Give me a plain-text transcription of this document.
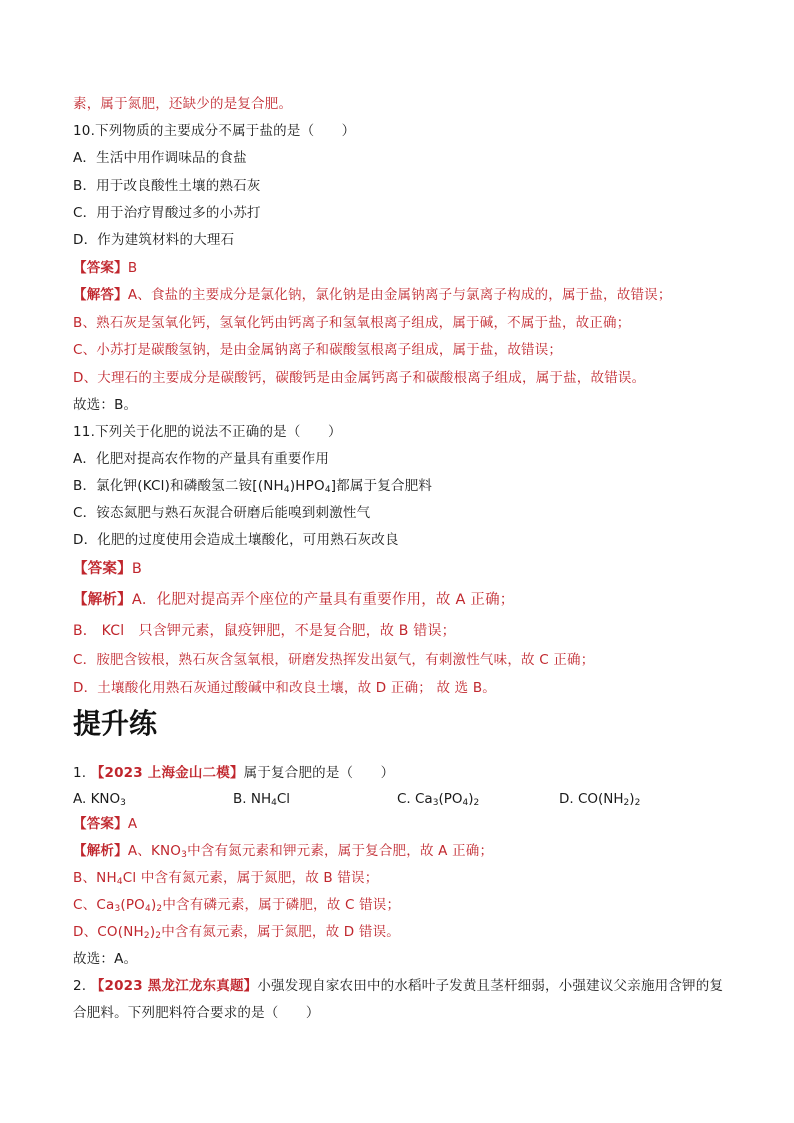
素，属于氮肥，还缺少的是复合肥。
10.下列物质的主要成分不属于盐的是（　　）
A．生活中用作调味品的食盐
B．用于改良酸性土壤的熟石灰
C．用于治疗胃酸过多的小苏打
D．作为建筑材料的大理石
【答案】B
【解答】A、食盐的主要成分是氯化钠，氯化钠是由金属钠离子与氯离子构成的，属于盐，故错误；
B、熟石灰是氢氧化钙，氢氧化钙由钙离子和氢氧根离子组成，属于碱，不属于盐，故正确；
C、小苏打是碳酸氢钠，是由金属钠离子和碳酸氢根离子组成，属于盐，故错误；
D、大理石的主要成分是碳酸钙，碳酸钙是由金属钙离子和碳酸根离子组成，属于盐，故错误。
故选：B。
11.下列关于化肥的说法不正确的是（　　）
A．化肥对提高农作物的产量具有重要作用
B．氯化钾(KCl)和磷酸氢二铵$[(NH_4)HPO_4]$都属于复合肥料
C．铵态氮肥与熟石灰混合研磨后能嗅到刺激性气
D．化肥的过度使用会造成土壤酸化，可用熟石灰改良
【答案】B
【解析】A．化肥对提高弄个座位的产量具有重要作用，故 A 正确；
B． KCl　只含钾元素，鼠疫钾肥，不是复合肥，故 B 错误；
C．胺肥含铵根，熟石灰含氢氧根，研磨发热挥发出氨气，有刺激性气味，故 C 正确；
D．土壤酸化用熟石灰通过酸碱中和改良土壤，故 D 正确； 故 选 B。
提升练
1. 【2023 上海金山二模】属于复合肥的是（　　）
A. $KNO_3$	B. $NH_4Cl$	C. $Ca_3(PO_4)_2$	D. $CO(NH_2)_2$
【答案】A
【解析】A、$KNO_3$中含有氮元素和钾元素，属于复合肥，故 A 正确；
B、$NH_4Cl$ 中含有氮元素，属于氮肥，故 B 错误；
C、$Ca_3(PO_4)_2$中含有磷元素，属于磷肥，故 C 错误；
D、$CO(NH_2)_2$中含有氮元素，属于氮肥，故 D 错误。
故选：A。
2. 【2023 黑龙江龙东真题】小强发现自家农田中的水稻叶子发黄且茎杆细弱，小强建议父亲施用含钾的复
合肥料。下列肥料符合要求的是（　　）
